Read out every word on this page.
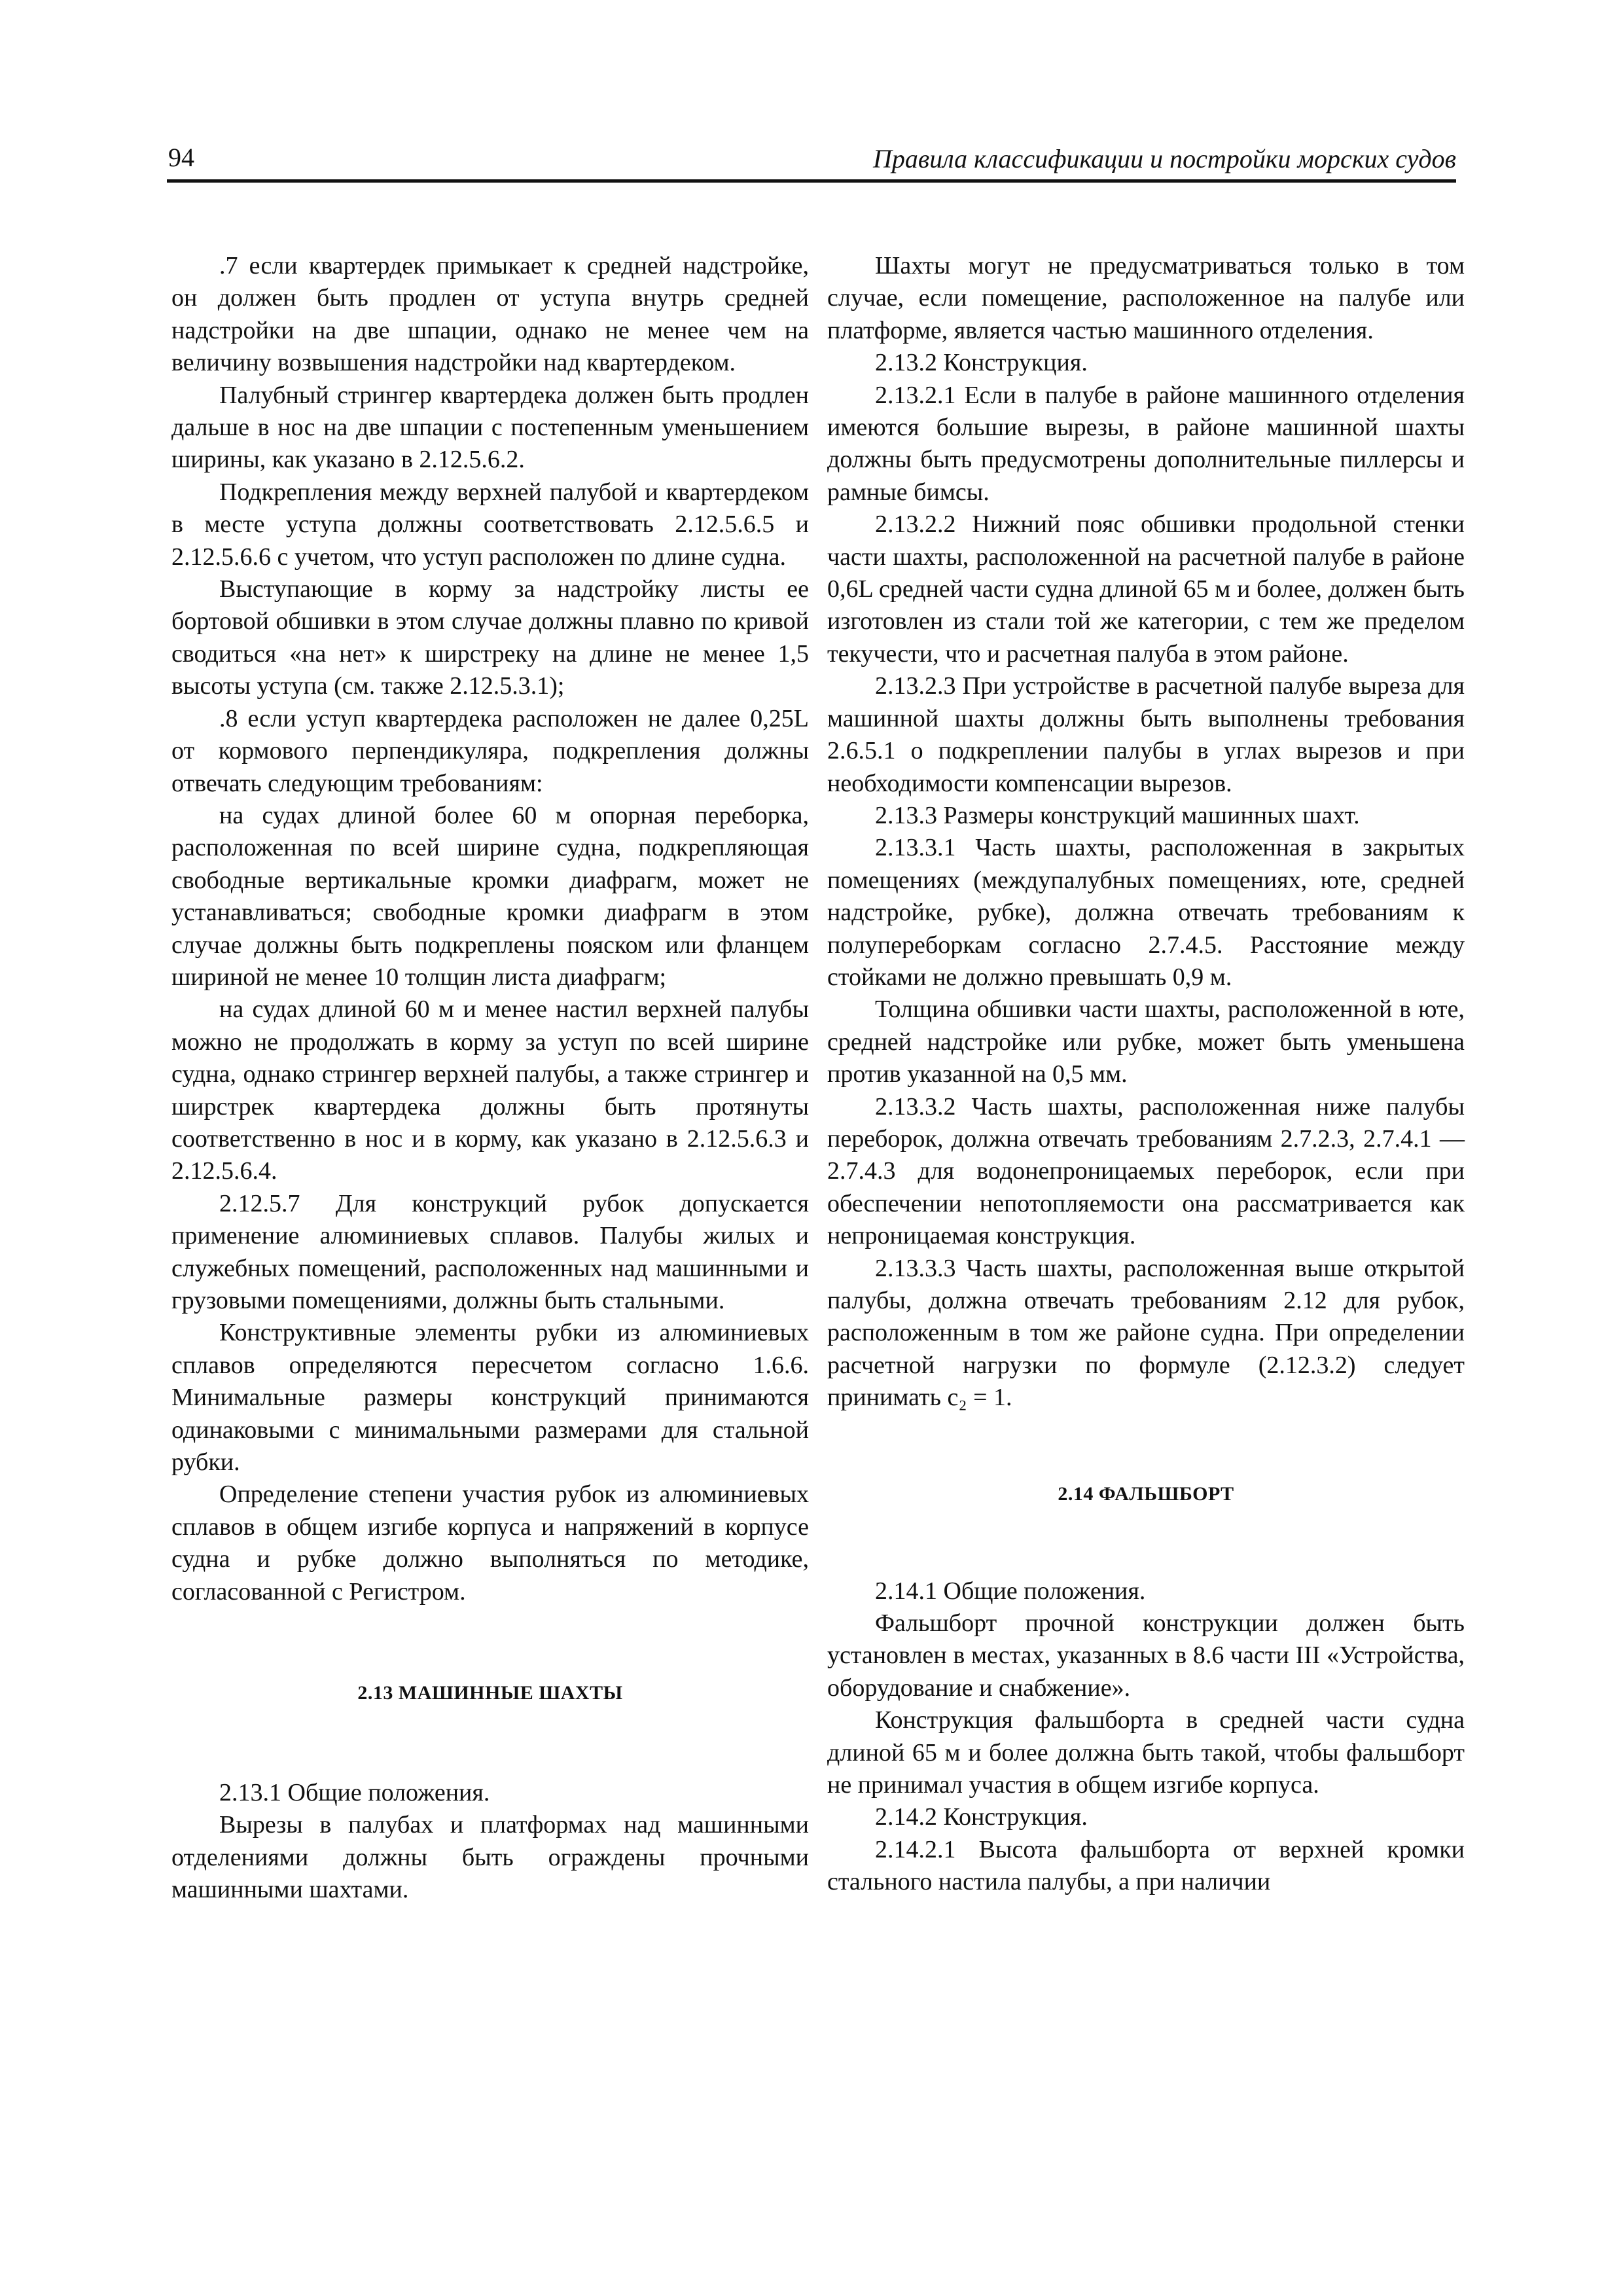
94	Правила классификации и постройки морских судов

.7 если квартердек примыкает к средней надстройке, он должен быть продлен от уступа внутрь средней надстройки на две шпации, однако не менее чем на величину возвышения надстройки над квартердеком.

Палубный стрингер квартердека должен быть продлен дальше в нос на две шпации с постепенным уменьшением ширины, как указано в 2.12.5.6.2.

Подкрепления между верхней палубой и квартердеком в месте уступа должны соответствовать 2.12.5.6.5 и 2.12.5.6.6 с учетом, что уступ расположен по длине судна.

Выступающие в корму за надстройку листы ее бортовой обшивки в этом случае должны плавно по кривой сводиться «на нет» к ширстреку на длине не менее 1,5 высоты уступа (см. также 2.12.5.3.1);

.8 если уступ квартердека расположен не далее 0,25L от кормового перпендикуляра, подкрепления должны отвечать следующим требованиям:

на судах длиной более 60 м опорная переборка, расположенная по всей ширине судна, подкрепляющая свободные вертикальные кромки диафрагм, может не устанавливаться; свободные кромки диафрагм в этом случае должны быть подкреплены пояском или фланцем шириной не менее 10 толщин листа диафрагм;

на судах длиной 60 м и менее настил верхней палубы можно не продолжать в корму за уступ по всей ширине судна, однако стрингер верхней палубы, а также стрингер и ширстрек квартердека должны быть протянуты соответственно в нос и в корму, как указано в 2.12.5.6.3 и 2.12.5.6.4.

2.12.5.7 Для конструкций рубок допускается применение алюминиевых сплавов. Палубы жилых и служебных помещений, расположенных над машинными и грузовыми помещениями, должны быть стальными.

Конструктивные элементы рубки из алюминиевых сплавов определяются пересчетом согласно 1.6.6. Минимальные размеры конструкций принимаются одинаковыми с минимальными размерами для стальной рубки.

Определение степени участия рубок из алюминиевых сплавов в общем изгибе корпуса и напряжений в корпусе судна и рубке должно выполняться по методике, согласованной с Регистром.

2.13 МАШИННЫЕ ШАХТЫ

2.13.1 Общие положения.

Вырезы в палубах и платформах над машинными отделениями должны быть ограждены прочными машинными шахтами.

Шахты могут не предусматриваться только в том случае, если помещение, расположенное на палубе или платформе, является частью машинного отделения.

2.13.2 Конструкция.

2.13.2.1 Если в палубе в районе машинного отделения имеются большие вырезы, в районе машинной шахты должны быть предусмотрены дополнительные пиллерсы и рамные бимсы.

2.13.2.2 Нижний пояс обшивки продольной стенки части шахты, расположенной на расчетной палубе в районе 0,6L средней части судна длиной 65 м и более, должен быть изготовлен из стали той же категории, с тем же пределом текучести, что и расчетная палуба в этом районе.

2.13.2.3 При устройстве в расчетной палубе выреза для машинной шахты должны быть выполнены требования 2.6.5.1 о подкреплении палубы в углах вырезов и при необходимости компенсации вырезов.

2.13.3 Размеры конструкций машинных шахт.

2.13.3.1 Часть шахты, расположенная в закрытых помещениях (междупалубных помещениях, юте, средней надстройке, рубке), должна отвечать требованиям к полупереборкам согласно 2.7.4.5. Расстояние между стойками не должно превышать 0,9 м.

Толщина обшивки части шахты, расположенной в юте, средней надстройке или рубке, может быть уменьшена против указанной на 0,5 мм.

2.13.3.2 Часть шахты, расположенная ниже палубы переборок, должна отвечать требованиям 2.7.2.3, 2.7.4.1 — 2.7.4.3 для водонепроницаемых переборок, если при обеспечении непотопляемости она рассматривается как непроницаемая конструкция.

2.13.3.3 Часть шахты, расположенная выше открытой палубы, должна отвечать требованиям 2.12 для рубок, расположенным в том же районе судна. При определении расчетной нагрузки по формуле (2.12.3.2) следует принимать c₂ = 1.

2.14 ФАЛЬШБОРТ

2.14.1 Общие положения.

Фальшборт прочной конструкции должен быть установлен в местах, указанных в 8.6 части III «Устройства, оборудование и снабжение».

Конструкция фальшборта в средней части судна длиной 65 м и более должна быть такой, чтобы фальшборт не принимал участия в общем изгибе корпуса.

2.14.2 Конструкция.

2.14.2.1 Высота фальшборта от верхней кромки стального настила палубы, а при наличии
